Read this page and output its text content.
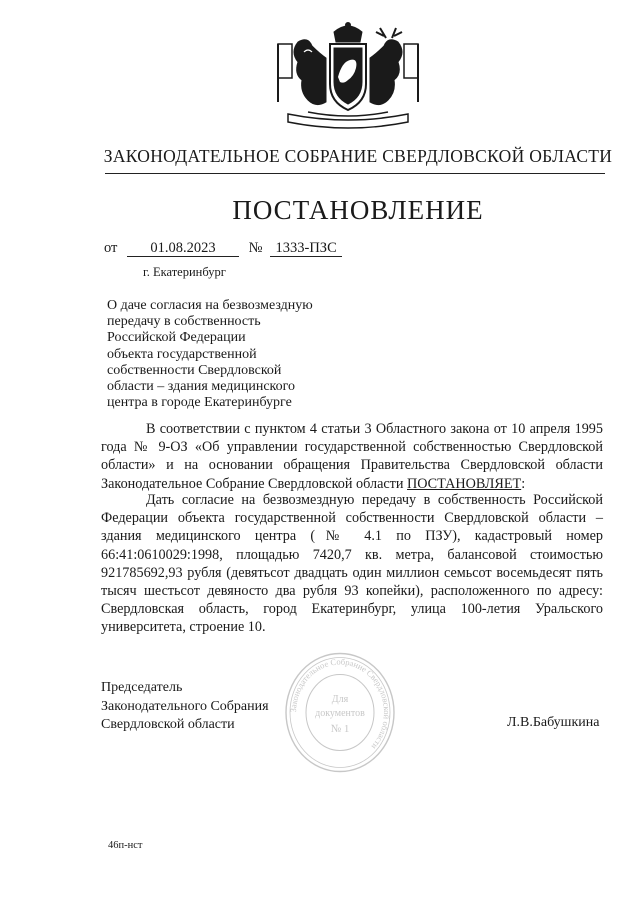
ЗАКОНОДАТЕЛЬНОЕ СОБРАНИЕ СВЕРДЛОВСКОЙ ОБЛАСТИ
ПОСТАНОВЛЕНИЕ
от 01.08.2023 № 1333-ПЗС
г. Екатеринбург
О даче согласия на безвозмездную
передачу в собственность
Российской Федерации
объекта государственной
собственности Свердловской
области – здания медицинского
центра в городе Екатеринбурге
В соответствии с пунктом 4 статьи 3 Областного закона от 10 апреля 1995 года № 9-ОЗ «Об управлении государственной собственностью Свердловской области» и на основании обращения Правительства Свердловской области Законодательное Собрание Свердловской области ПОСТАНОВЛЯЕТ:
Дать согласие на безвозмездную передачу в собственность Российской Федерации объекта государственной собственности Свердловской области – здания медицинского центра (№ 4.1 по ПЗУ), кадастровый номер 66:41:0610029:1998, площадью 7420,7 кв. метра, балансовой стоимостью 921785692,93 рубля (девятьсот двадцать один миллион семьсот восемьдесят пять тысяч шестьсот девяносто два рубля 93 копейки), расположенного по адресу: Свердловская область, город Екатеринбург, улица 100-летия Уральского университета, строение 10.
Председатель
Законодательного Собрания
Свердловской области
Законодательное Собрание Свердловской области
Для
документов
№ 1	Л.В.Бабушкина
46п-нст
